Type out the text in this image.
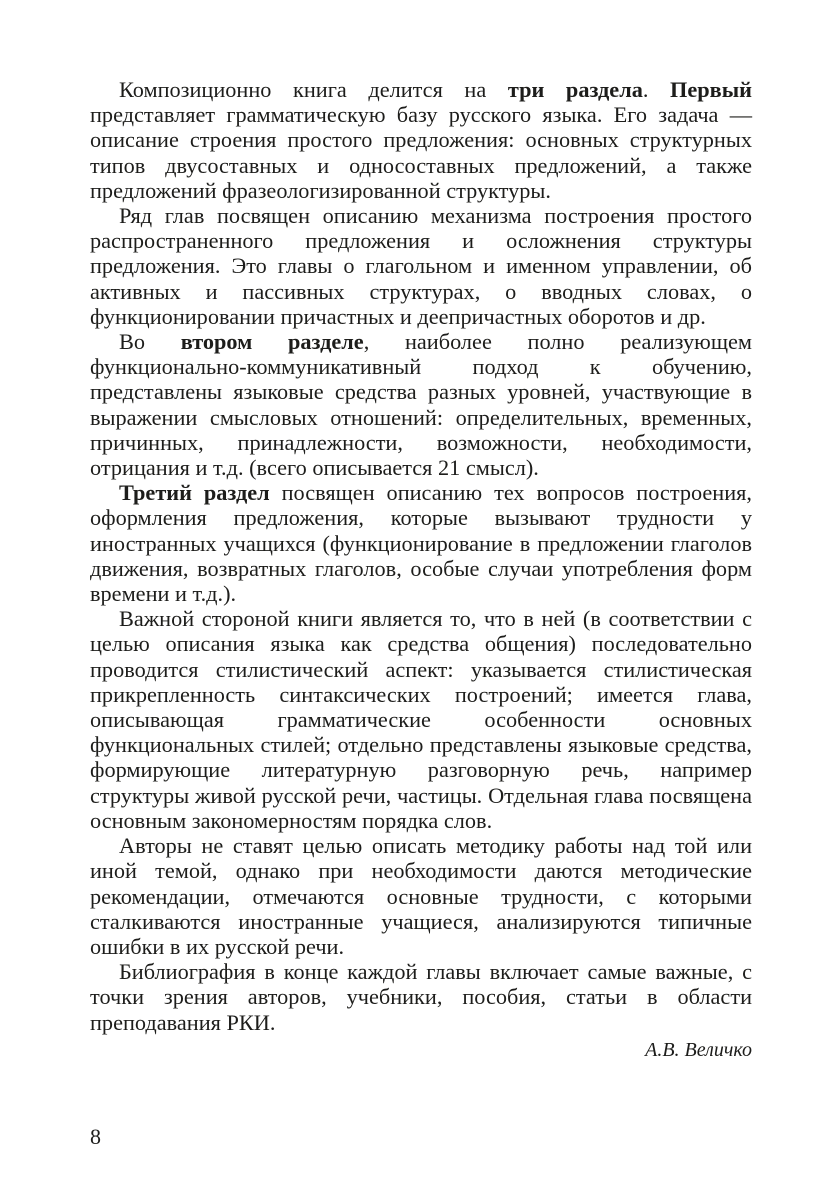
Композиционно книга делится на три раздела. Первый представляет грамматическую базу русского языка. Его задача — описание строения простого предложения: основных структурных типов двусоставных и односоставных предложений, а также предложений фразеологизированной структуры.

Ряд глав посвящен описанию механизма построения простого распространенного предложения и осложнения структуры предложения. Это главы о глагольном и именном управлении, об активных и пассивных структурах, о вводных словах, о функционировании причастных и деепричастных оборотов и др.

Во втором разделе, наиболее полно реализующем функционально-коммуникативный подход к обучению, представлены языковые средства разных уровней, участвующие в выражении смысловых отношений: определительных, временных, причинных, принадлежности, возможности, необходимости, отрицания и т.д. (всего описывается 21 смысл).

Третий раздел посвящен описанию тех вопросов построения, оформления предложения, которые вызывают трудности у иностранных учащихся (функционирование в предложении глаголов движения, возвратных глаголов, особые случаи употребления форм времени и т.д.).

Важной стороной книги является то, что в ней (в соответствии с целью описания языка как средства общения) последовательно проводится стилистический аспект: указывается стилистическая прикрепленность синтаксических построений; имеется глава, описывающая грамматические особенности основных функциональных стилей; отдельно представлены языковые средства, формирующие литературную разговорную речь, например структуры живой русской речи, частицы. Отдельная глава посвящена основным закономерностям порядка слов.

Авторы не ставят целью описать методику работы над той или иной темой, однако при необходимости даются методические рекомендации, отмечаются основные трудности, с которыми сталкиваются иностранные учащиеся, анализируются типичные ошибки в их русской речи.

Библиография в конце каждой главы включает самые важные, с точки зрения авторов, учебники, пособия, статьи в области преподавания РКИ.

А.В. Величко

8
